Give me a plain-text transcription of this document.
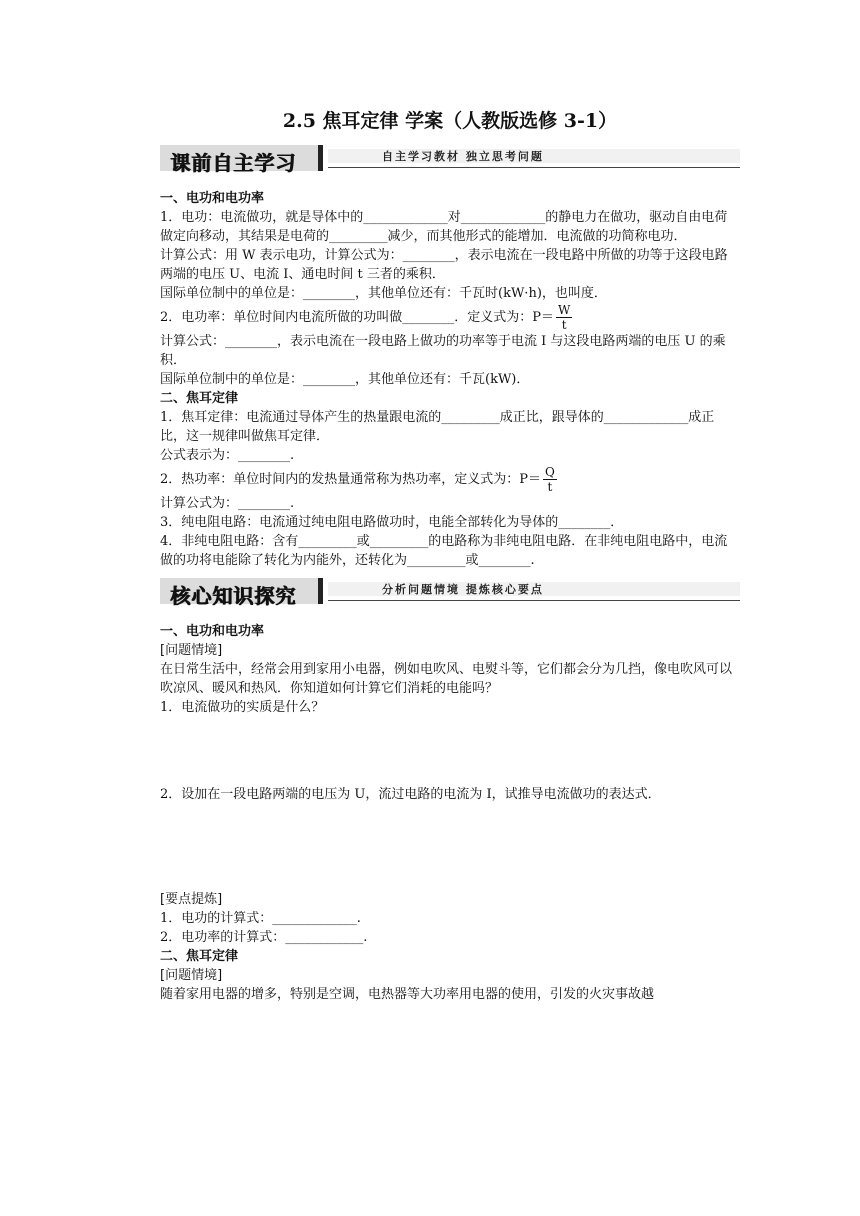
2.5 焦耳定律 学案（人教版选修 3-1）
课前自主学习	自主学习教材 独立思考问题

一、电功和电功率

1．电功：电流做功，就是导体中的_____________对_____________的静电力在做功，驱动自由电荷做定向移动，其结果是电荷的_________减少，而其他形式的能增加．电流做的功简称电功．

计算公式：用 W 表示电功，计算公式为：________，表示电流在一段电路中所做的功等于这段电路两端的电压 U、电流 I、通电时间 t 三者的乘积．

国际单位制中的单位是：________，其他单位还有：千瓦时(kW·h)，也叫度．

2．电功率：单位时间内电流所做的功叫做________．定义式为：$P= \frac{W}{t}$

计算公式：________，表示电流在一段电路上做功的功率等于电流 I 与这段电路两端的电压 U 的乘积．

国际单位制中的单位是：________，其他单位还有：千瓦(kW)．

二、焦耳定律

1．焦耳定律：电流通过导体产生的热量跟电流的_________成正比，跟导体的_____________成正比，这一规律叫做焦耳定律．

公式表示为：________.

2．热功率：单位时间内的发热量通常称为热功率，定义式为：$P= \frac{Q}{t}$

计算公式为：________.

3．纯电阻电路：电流通过纯电阻电路做功时，电能全部转化为导体的________．

4．非纯电阻电路：含有_________或_________的电路称为非纯电阻电路．在非纯电阻电路中，电流做的功将电能除了转化为内能外，还转化为_________或________.

核心知识探究	分析问题情境 提炼核心要点

一、电功和电功率

[问题情境]

在日常生活中，经常会用到家用小电器，例如电吹风、电熨斗等，它们都会分为几挡，像电吹风可以吹凉风、暖风和热风．你知道如何计算它们消耗的电能吗？

1．电流做功的实质是什么？

2．设加在一段电路两端的电压为 U，流过电路的电流为 I，试推导电流做功的表达式．

[要点提炼]

1．电功的计算式：_____________.

2．电功率的计算式：____________.

二、焦耳定律

[问题情境]

随着家用电器的增多，特别是空调，电热器等大功率用电器的使用，引发的火灾事故越
